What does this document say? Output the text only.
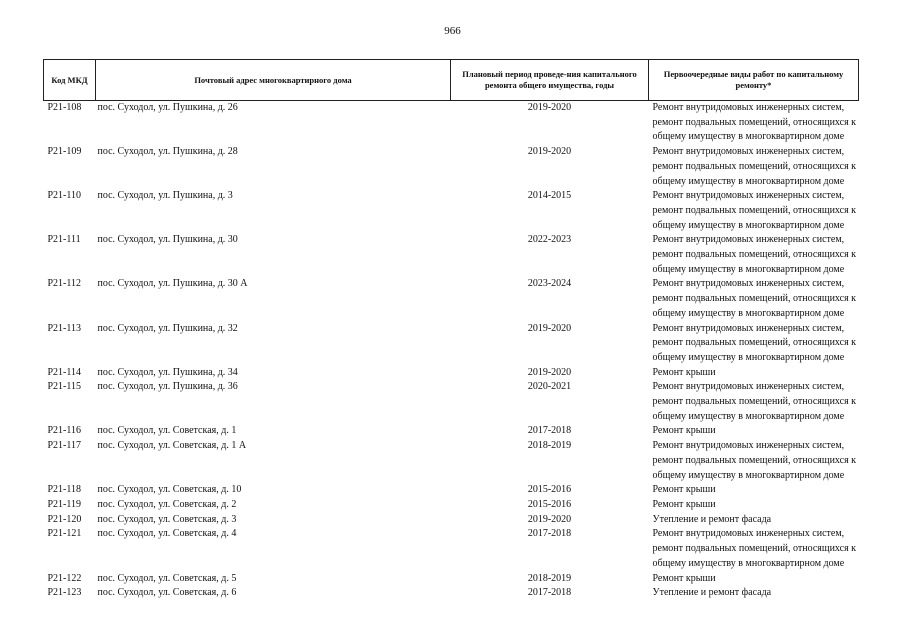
966
Код МКД	Почтовый адрес многоквартирного дома	Плановый период проведе-ния капитального ремонта общего имущества, годы	Первоочередные виды работ по капитальному ремонту*
Р21-108	пос. Суходол, ул. Пушкина, д. 26	2019-2020	Ремонт внутридомовых инженерных систем,
ремонт подвальных помещений, относящихся к
общему имуществу в многоквартирном доме

Р21-109	пос. Суходол, ул. Пушкина, д. 28	2019-2020	Ремонт внутридомовых инженерных систем,
ремонт подвальных помещений, относящихся к
общему имуществу в многоквартирном доме

Р21-110	пос. Суходол, ул. Пушкина, д. 3	2014-2015	Ремонт внутридомовых инженерных систем,
ремонт подвальных помещений, относящихся к
общему имуществу в многоквартирном доме

Р21-111	пос. Суходол, ул. Пушкина, д. 30	2022-2023	Ремонт внутридомовых инженерных систем,
ремонт подвальных помещений, относящихся к
общему имуществу в многоквартирном доме

Р21-112	пос. Суходол, ул. Пушкина, д. 30 А	2023-2024	Ремонт внутридомовых инженерных систем,
ремонт подвальных помещений, относящихся к
общему имуществу в многоквартирном доме

Р21-113	пос. Суходол, ул. Пушкина, д. 32	2019-2020	Ремонт внутридомовых инженерных систем,
ремонт подвальных помещений, относящихся к
общему имуществу в многоквартирном доме

Р21-114	пос. Суходол, ул. Пушкина, д. 34	2019-2020	Ремонт крыши

Р21-115	пос. Суходол, ул. Пушкина, д. 36	2020-2021	Ремонт внутридомовых инженерных систем,
ремонт подвальных помещений, относящихся к
общему имуществу в многоквартирном доме

Р21-116	пос. Суходол, ул. Советская, д. 1	2017-2018	Ремонт крыши

Р21-117	пос. Суходол, ул. Советская, д. 1 А	2018-2019	Ремонт внутридомовых инженерных систем,
ремонт подвальных помещений, относящихся к
общему имуществу в многоквартирном доме

Р21-118	пос. Суходол, ул. Советская, д. 10	2015-2016	Ремонт крыши

Р21-119	пос. Суходол, ул. Советская, д. 2	2015-2016	Ремонт крыши

Р21-120	пос. Суходол, ул. Советская, д. 3	2019-2020	Утепление и ремонт фасада

Р21-121	пос. Суходол, ул. Советская, д. 4	2017-2018	Ремонт внутридомовых инженерных систем,
ремонт подвальных помещений, относящихся к
общему имуществу в многоквартирном доме

Р21-122	пос. Суходол, ул. Советская, д. 5	2018-2019	Ремонт крыши

Р21-123	пос. Суходол, ул. Советская, д. 6	2017-2018	Утепление и ремонт фасада
